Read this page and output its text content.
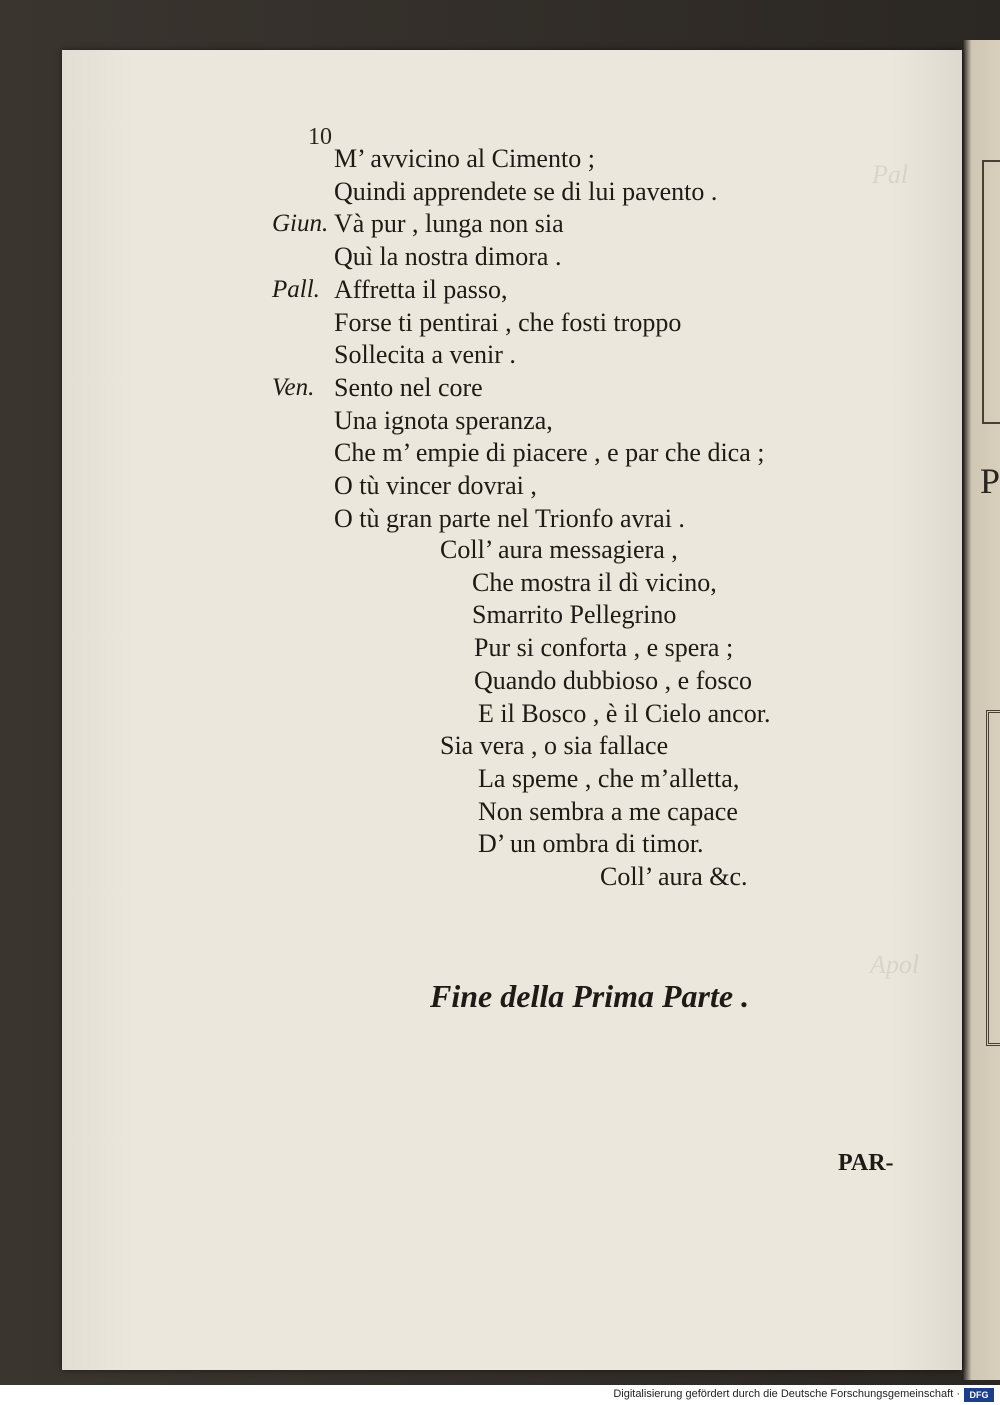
P
Pal
Apol
10
M’ avvicino al Cimento ;
Quindi apprendete se di lui pavento .
Giun. Và pur , lunga non sia
Quì la nostra dimora .
Pall. Affretta il passo,
Forse ti pentirai , che fosti troppo
Sollecita a venir .
Ven. Sento nel core
Una ignota speranza,
Che m’ empie di piacere , e par che dica ;
O tù vincer dovrai ,
O tù gran parte nel Trionfo avrai .
Coll’ aura messagiera ,
Che mostra il dì vicino,
Smarrito Pellegrino
Pur si conforta , e spera ;
Quando dubbioso , e fosco
E il Bosco , è il Cielo ancor.
Sia vera , o sia fallace
La speme , che m’alletta,
Non sembra a me capace
D’ un ombra di timor.
Coll’ aura &c.
Fine della Prima Parte .
PAR-
Digitalisierung gefördert durch die Deutsche Forschungsgemeinschaft ·	DFG
